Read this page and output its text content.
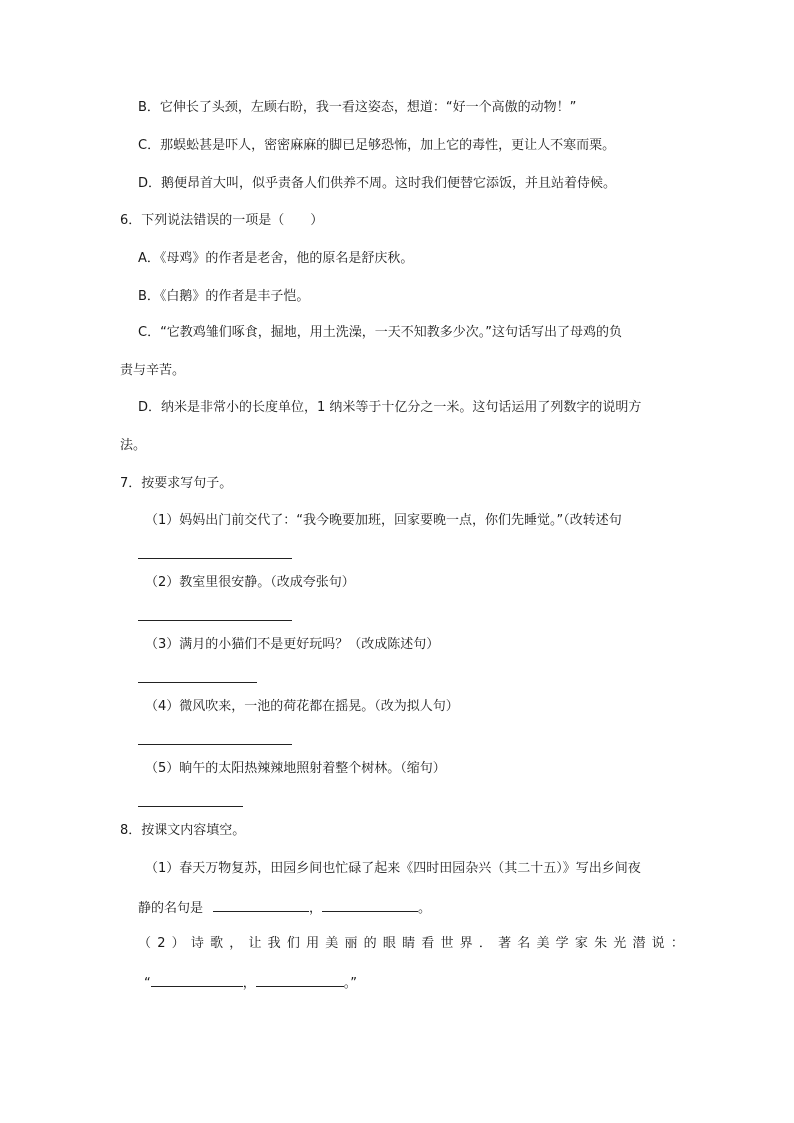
B．它伸长了头颈，左顾右盼，我一看这姿态，想道：“好一个高傲的动物！”
C．那蜈蚣甚是吓人，密密麻麻的脚已足够恐怖，加上它的毒性，更让人不寒而栗。
D．鹅便昂首大叫，似乎责备人们供养不周。这时我们便替它添饭，并且站着侍候。
6．下列说法错误的一项是（　　）
A．《母鸡》的作者是老舍，他的原名是舒庆秋。
B．《白鹅》的作者是丰子恺。
C．“它教鸡雏们啄食，掘地，用土洗澡，一天不知教多少次。”这句话写出了母鸡的负
责与辛苦。
D．纳米是非常小的长度单位，1 纳米等于十亿分之一米。这句话运用了列数字的说明方
法。
7．按要求写句子。
（1）妈妈出门前交代了：“我今晚要加班，回家要晚一点，你们先睡觉。”（改转述句
（2）教室里很安静。（改成夸张句）
（3）满月的小猫们不是更好玩吗？（改成陈述句）
（4）微风吹来，一池的荷花都在摇晃。（改为拟人句）
（5）晌午的太阳热辣辣地照射着整个树林。（缩句）
8．按课文内容填空。
（1）春天万物复苏，田园乡间也忙碌了起来《四时田园杂兴（其二十五）》写出乡间夜
静的名句是	，	。
（2）诗歌，让我们用美丽的眼睛看世界．著名美学家朱光潜说：
“	，	。”
